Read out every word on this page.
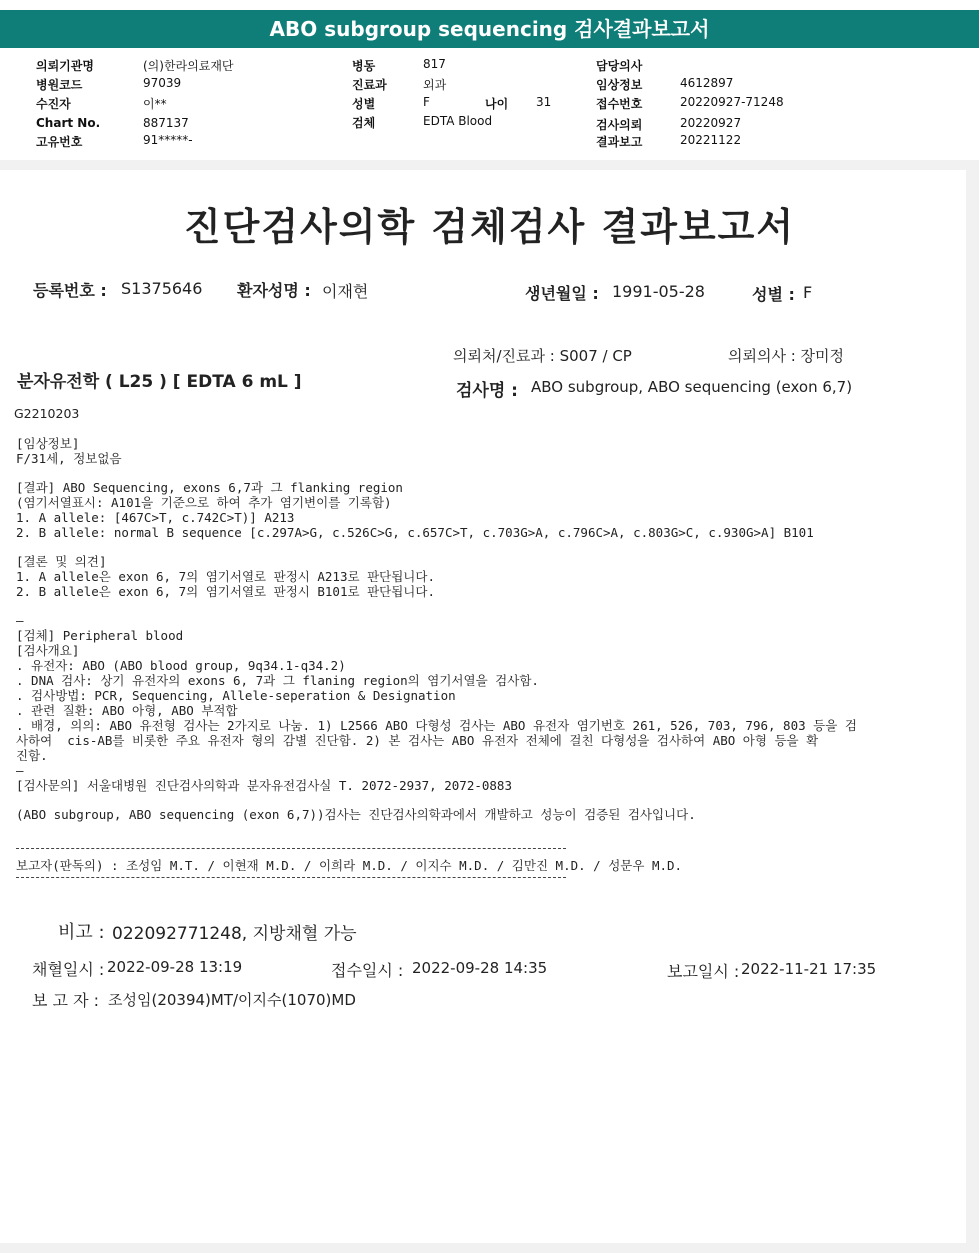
ABO subgroup sequencing 검사결과보고서
의뢰기관명	(의)한라의료재단
병원코드	97039
수진자	이**
Chart No.	887137
고유번호	91*****-
병동	817
진료과	외과
성별	F	나이 31
검체	EDTA Blood
담당의사
임상정보	4612897
접수번호	20220927-71248
검사의뢰	20220927
결과보고	20221122
진단검사의학 검체검사 결과보고서
등록번호 : S1375646 환자성명 : 이재현	생년월일 : 1991-05-28	성별 : F
의뢰처/진료과 : S007 / CP	의뢰의사 : 장미정
분자유전학 ( L25 ) [ EDTA 6 mL ]	검사명 : ABO subgroup, ABO sequencing (exon 6,7)
G2210203
[임상정보]
F/31세, 정보없음
[결과] ABO Sequencing, exons 6,7과 그 flanking region
(염기서열표시: A101을 기준으로 하여 추가 염기변이를 기록함)
1. A allele: [467C>T, c.742C>T)] A213
2. B allele: normal B sequence [c.297A>G, c.526C>G, c.657C>T, c.703G>A, c.796C>A, c.803G>C, c.930G>A] B101
[결론 및 의견]
1. A allele은 exon 6, 7의 염기서열로 판정시 A213로 판단됩니다.
2. B allele은 exon 6, 7의 염기서열로 판정시 B101로 판단됩니다.
—
[검체] Peripheral blood
[검사개요]
. 유전자: ABO (ABO blood group, 9q34.1-q34.2)
. DNA 검사: 상기 유전자의 exons 6, 7과 그 flaning region의 염기서열을 검사함.
. 검사방법: PCR, Sequencing, Allele-seperation & Designation
. 관련 질환: ABO 아형, ABO 부적합
. 배경, 의의: ABO 유전형 검사는 2가지로 나눔. 1) L2566 ABO 다형성 검사는 ABO 유전자 염기번호 261, 526, 703, 796, 803 등을 검
사하여  cis-AB를 비롯한 주요 유전자 형의 감별 진단함. 2) 본 검사는 ABO 유전자 전체에 걸친 다형성을 검사하여 ABO 아형 등을 확
진함.
—
[검사문의] 서울대병원 진단검사의학과 분자유전검사실 T. 2072-2937, 2072-0883
(ABO subgroup, ABO sequencing (exon 6,7))검사는 진단검사의학과에서 개발하고 성능이 검증된 검사입니다.
보고자(판독의) : 조성임 M.T. / 이현재 M.D. / 이희라 M.D. / 이지수 M.D. / 김만진 M.D. / 성문우 M.D.
비고 : 022092771248, 지방채혈 가능
채혈일시 : 2022-09-28 13:19	접수일시 : 2022-09-28 14:35	보고일시 : 2022-11-21 17:35
보 고 자 : 조성임(20394)MT/이지수(1070)MD
